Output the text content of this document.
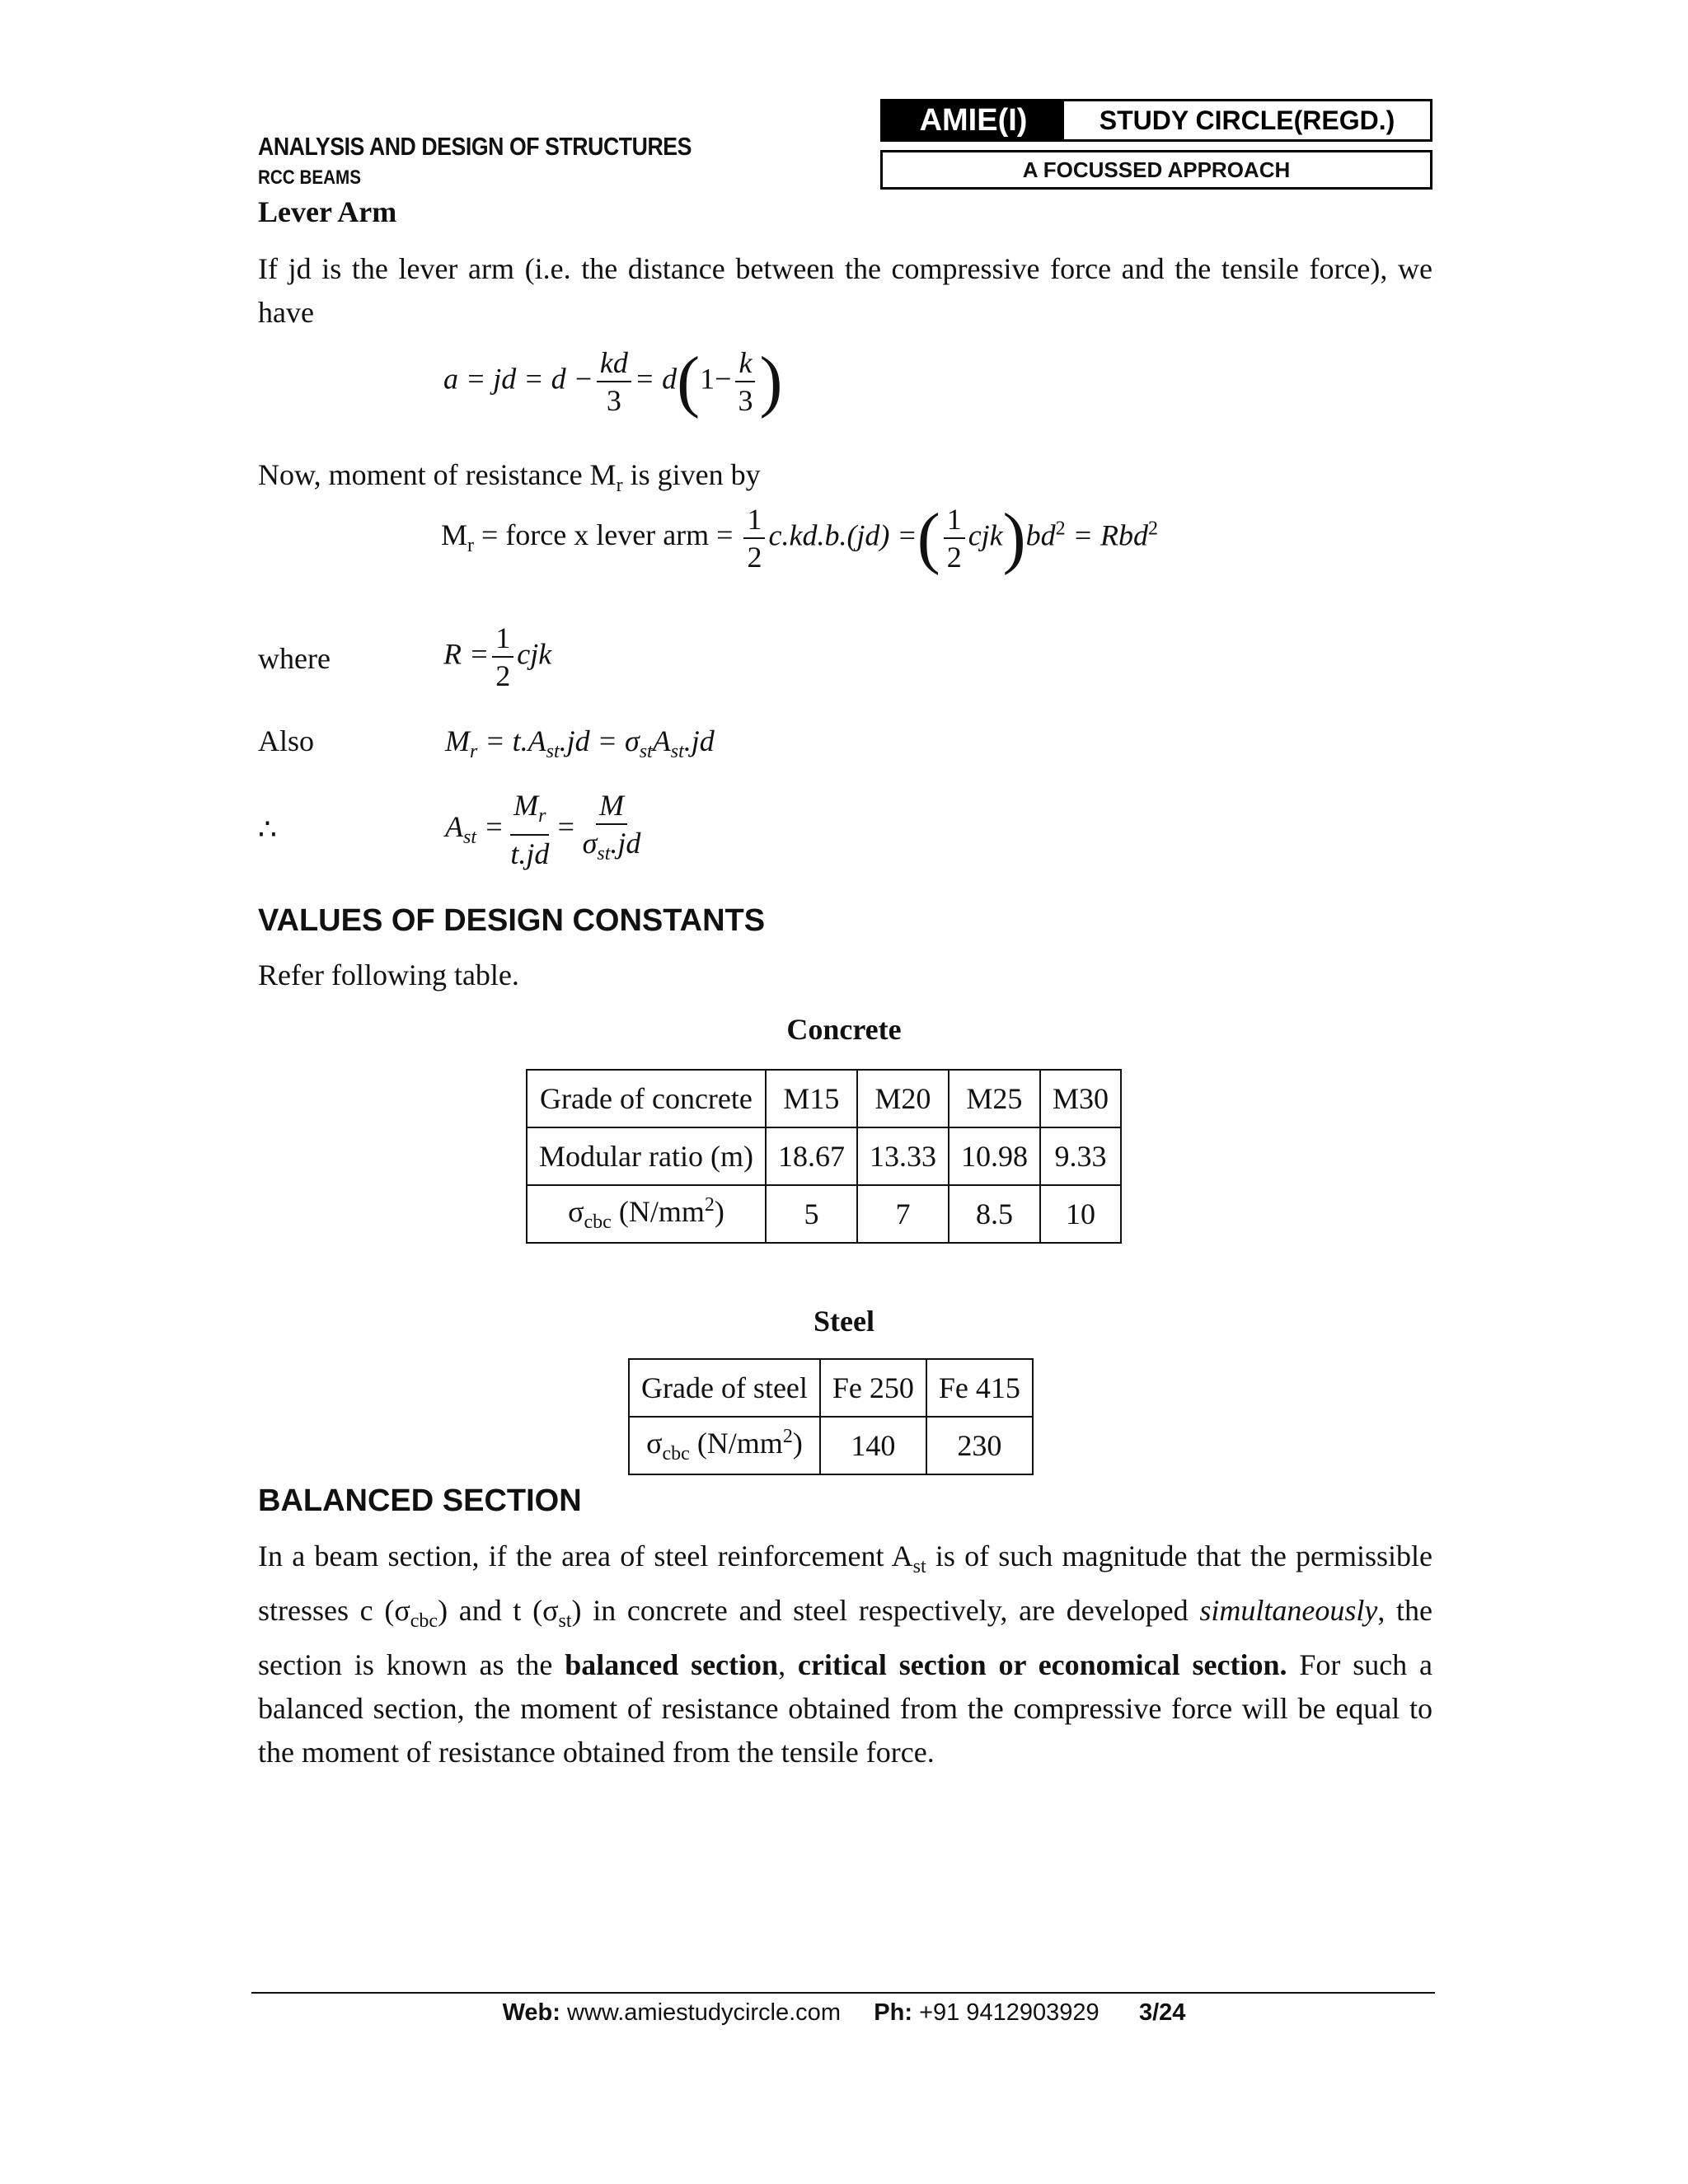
ANALYSIS AND DESIGN OF STRUCTURES
RCC BEAMS
AMIE(I)	STUDY CIRCLE(REGD.)
A FOCUSSED APPROACH
Lever Arm
If jd is the lever arm (i.e. the distance between the compressive force and the tensile force), we have
a = jd = $d - \frac{kd}{3} = d(1- \frac{k}{3}$ )
Now, moment of resistance $M_r$ is given by
$M_r$ = force x lever arm = $\frac{1}{2} c.kd.b.(jd)$ =( $\frac{1}{2} cjk)bd^2 = Rbd^2$
where	$R = \frac{1}{2}$ cjk
Also	$M_r = t.A_{st}.jd = \sigma_{st}A_{st}.jd$
∴	$A_{st} = \frac{M_r}{t.jd} = \frac{M}{\sigma_{st}.jd}$
VALUES OF DESIGN CONSTANTS
Refer following table.
Concrete
Grade of concrete	M15	M20	M25	M30
Modular ratio (m)	18.67	13.33	10.98	9.33
$\sigma_{cbc}$ $(N/mm^2)$	5	7	8.5	10
Steel
Grade of steel	Fe 250	Fe 415
$\sigma_{cbc}$ $(N/mm^2)$	140	230
BALANCED SECTION
In a beam section, if the area of steel reinforcement $A_{st}$ is of such magnitude that the permissible stresses c $(\sigma_{cbc})$ and t $(\sigma_{st})$ in concrete and steel respectively, are developed simultaneously, the section is known as the balanced section, critical section or economical section. For such a balanced section, the moment of resistance obtained from the compressive force will be equal to the moment of resistance obtained from the tensile force.
Web: www.amiestudycircle.com Ph: +91 9412903929 3/24
